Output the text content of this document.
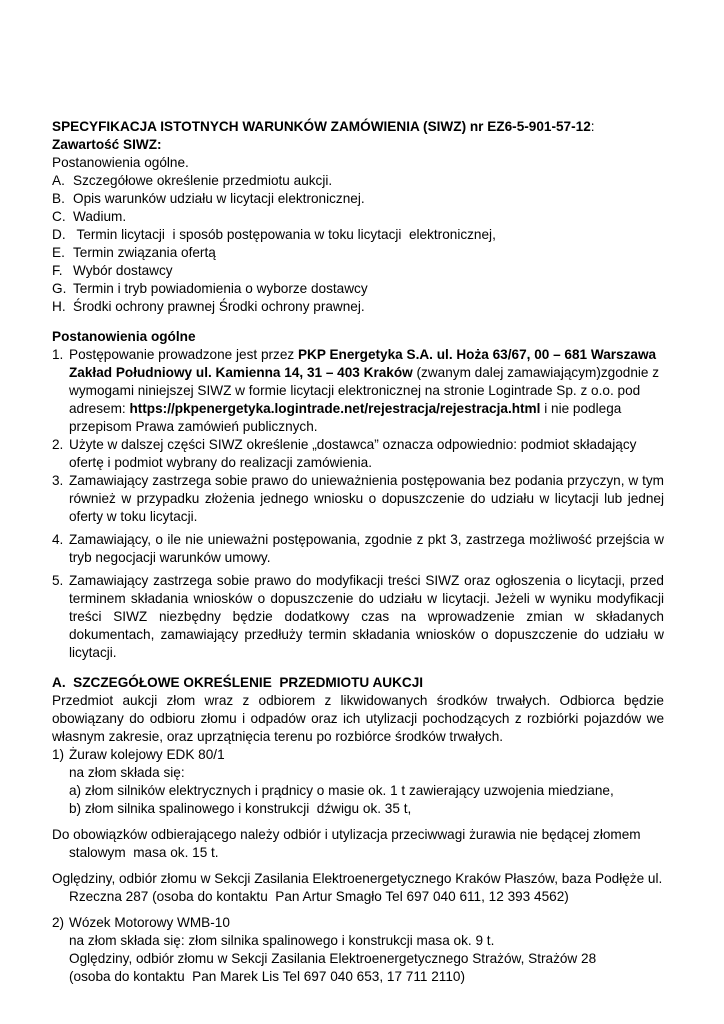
SPECYFIKACJA ISTOTNYCH WARUNKÓW ZAMÓWIENIA (SIWZ) nr EZ6-5-901-57-12:
Zawartość SIWZ:
Postanowienia ogólne.
A. Szczegółowe określenie przedmiotu aukcji.
B. Opis warunków udziału w licytacji elektronicznej.
C. Wadium.
D. Termin licytacji  i sposób postępowania w toku licytacji  elektronicznej,
E. Termin związania ofertą
F. Wybór dostawcy
G. Termin i tryb powiadomienia o wyborze dostawcy
H. Środki ochrony prawnej Środki ochrony prawnej.
Postanowienia ogólne
1. Postępowanie prowadzone jest przez PKP Energetyka S.A. ul. Hoża 63/67, 00 – 681 Warszawa Zakład Południowy ul. Kamienna 14, 31 – 403 Kraków (zwanym dalej zamawiającym)zgodnie z wymogami niniejszej SIWZ w formie licytacji elektronicznej na stronie Logintrade Sp. z o.o. pod adresem: https://pkpenergetyka.logintrade.net/rejestracja/rejestracja.html i nie podlega przepisom Prawa zamówień publicznych.
2. Użyte w dalszej części SIWZ określenie „dostawca” oznacza odpowiednio: podmiot składający ofertę i podmiot wybrany do realizacji zamówienia.
3. Zamawiający zastrzega sobie prawo do unieważnienia postępowania bez podania przyczyn, w tym również w przypadku złożenia jednego wniosku o dopuszczenie do udziału w licytacji lub jednej oferty w toku licytacji.
4. Zamawiający, o ile nie unieważni postępowania, zgodnie z pkt 3, zastrzega możliwość przejścia w tryb negocjacji warunków umowy.
5. Zamawiający zastrzega sobie prawo do modyfikacji treści SIWZ oraz ogłoszenia o licytacji, przed terminem składania wniosków o dopuszczenie do udziału w licytacji. Jeżeli w wyniku modyfikacji treści SIWZ niezbędny będzie dodatkowy czas na wprowadzenie zmian w składanych dokumentach, zamawiający przedłuży termin składania wniosków o dopuszczenie do udziału w licytacji.
A.  SZCZEGÓŁOWE OKREŚLENIE  PRZEDMIOTU AUKCJI
Przedmiot aukcji złom wraz z odbiorem z likwidowanych środków trwałych. Odbiorca będzie obowiązany do odbioru złomu i odpadów oraz ich utylizacji pochodzących z rozbiórki pojazdów we własnym zakresie, oraz uprzątnięcia terenu po rozbiórce środków trwałych.
1) Żuraw kolejowy EDK 80/1
na złom składa się:
a) złom silników elektrycznych i prądnicy o masie ok. 1 t zawierający uzwojenia miedziane,
b) złom silnika spalinowego i konstrukcji  dźwigu ok. 35 t,
Do obowiązków odbierającego należy odbiór i utylizacja przeciwwagi żurawia nie będącej złomem stalowym  masa ok. 15 t.
Oględziny, odbiór złomu w Sekcji Zasilania Elektroenergetycznego Kraków Płaszów, baza Podłęże ul. Rzeczna 287 (osoba do kontaktu  Pan Artur Smagło Tel 697 040 611, 12 393 4562)
2) Wózek Motorowy WMB-10
na złom składa się: złom silnika spalinowego i konstrukcji masa ok. 9 t.
Oględziny, odbiór złomu w Sekcji Zasilania Elektroenergetycznego Strażów, Strażów 28
(osoba do kontaktu  Pan Marek Lis Tel 697 040 653, 17 711 2110)
